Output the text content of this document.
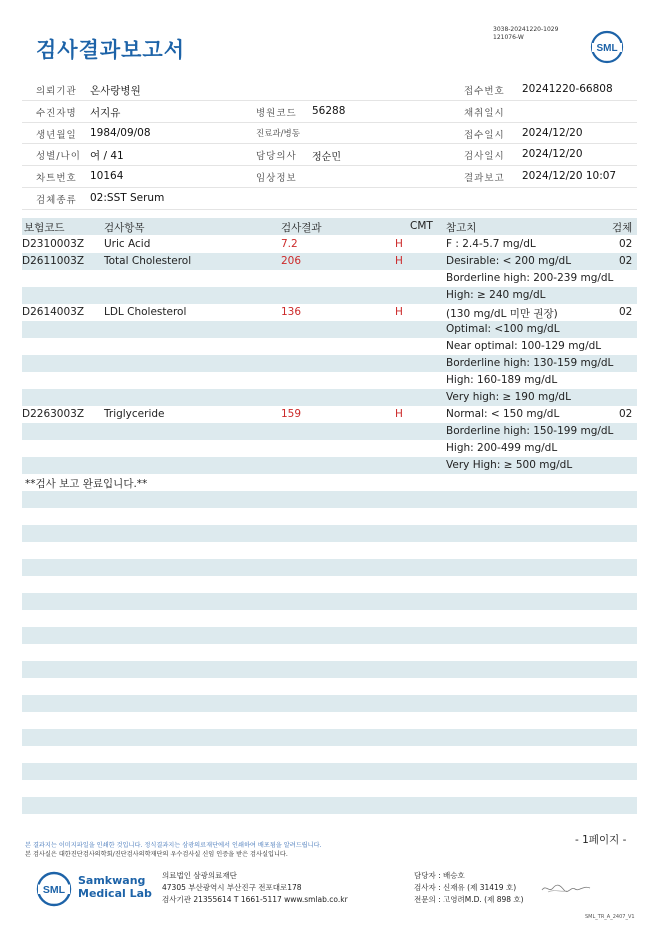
검사결과보고서
3038-20241220-1029
121076-W
SML
의뢰기관 온사랑병원	접수번호 20241220-66808
수진자명 서지유	병원코드 56288	채취일시
생년월일 1984/09/08	진료과/병동	접수일시 2024/12/20
성별/나이 여 / 41	담당의사 정순민	검사일시 2024/12/20
차트번호 10164	임상정보	결과보고 2024/12/20 10:07
검체종류 02:SST Serum
보험코드	검사항목	검사결과	CMT 참고치	검체
D2310003Z Uric Acid	7.2	H	F : 2.4-5.7 mg/dL	02
D2611003Z Total Cholesterol	206	H	Desirable: < 200 mg/dL	02
Borderline high: 200-239 mg/dL
High: ≥ 240 mg/dL
D2614003Z LDL Cholesterol	136	H	(130 mg/dL 미만 권장)	02
Optimal: <100 mg/dL
Near optimal: 100-129 mg/dL
Borderline high: 130-159 mg/dL
High: 160-189 mg/dL
Very high: ≥ 190 mg/dL
D2263003Z Triglyceride	159	H	Normal: < 150 mg/dL	02
Borderline high: 150-199 mg/dL
High: 200-499 mg/dL
Very High: ≥ 500 mg/dL
**검사 보고 완료입니다.**
- 1페이지 -
본 결과지는 이미지파일을 인쇄한 것입니다. 정식결과지는 삼광의료재단에서 인쇄하여 배포됨을 알려드립니다.
본 검사실은 대한진단검사의학회/진단검사의학재단의 우수검사실 신임 인증을 받은 검사실입니다.
SML
Samkwang
Medical Lab
의료법인 삼광의료재단
47305 부산광역시 부산진구 전포대로178
검사기관 21355614 T 1661-5117 www.smlab.co.kr
담당자 : 배승호
검사자 : 신재유 (제 31419 호)
전문의 : 고영려M.D. (제 898 호)
SML_TR_A_2407_V1
